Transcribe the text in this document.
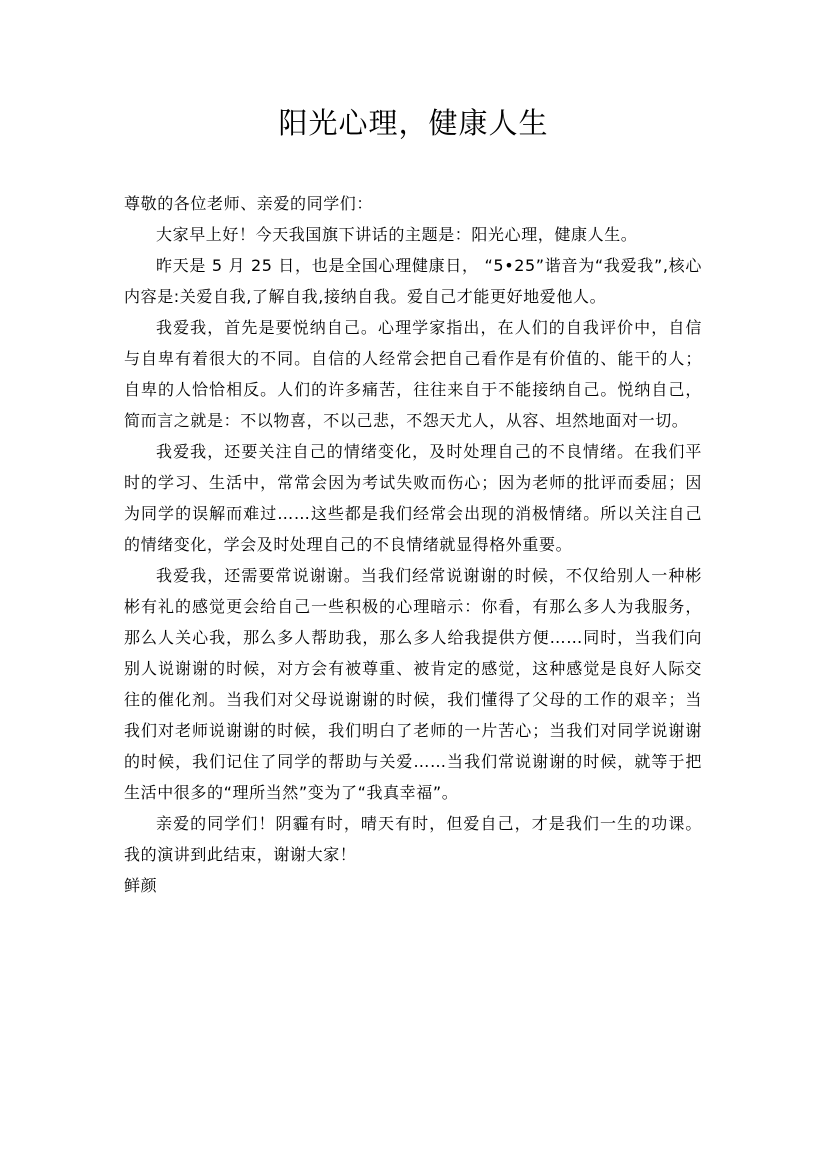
阳光心理，健康人生

尊敬的各位老师、亲爱的同学们：

大家早上好！今天我国旗下讲话的主题是：阳光心理，健康人生。

昨天是 5 月 25 日，也是全国心理健康日， “5•25”谐音为“我爱我”,核心内容是:关爱自我,了解自我,接纳自我。爱自己才能更好地爱他人。

我爱我，首先是要悦纳自己。心理学家指出，在人们的自我评价中，自信与自卑有着很大的不同。自信的人经常会把自己看作是有价值的、能干的人；自卑的人恰恰相反。人们的许多痛苦，往往来自于不能接纳自己。悦纳自己，简而言之就是：不以物喜，不以己悲，不怨天尤人，从容、坦然地面对一切。

我爱我，还要关注自己的情绪变化，及时处理自己的不良情绪。在我们平时的学习、生活中，常常会因为考试失败而伤心；因为老师的批评而委屈；因为同学的误解而难过……这些都是我们经常会出现的消极情绪。所以关注自己的情绪变化，学会及时处理自己的不良情绪就显得格外重要。

我爱我，还需要常说谢谢。当我们经常说谢谢的时候，不仅给别人一种彬彬有礼的感觉更会给自己一些积极的心理暗示：你看，有那么多人为我服务，那么人关心我，那么多人帮助我，那么多人给我提供方便……同时，当我们向别人说谢谢的时候，对方会有被尊重、被肯定的感觉，这种感觉是良好人际交往的催化剂。当我们对父母说谢谢的时候，我们懂得了父母的工作的艰辛；当我们对老师说谢谢的时候，我们明白了老师的一片苦心；当我们对同学说谢谢的时候，我们记住了同学的帮助与关爱……当我们常说谢谢的时候，就等于把生活中很多的“理所当然”变为了“我真幸福”。

亲爱的同学们！阴霾有时，晴天有时，但爱自己，才是我们一生的功课。我的演讲到此结束，谢谢大家！

鲜颜
